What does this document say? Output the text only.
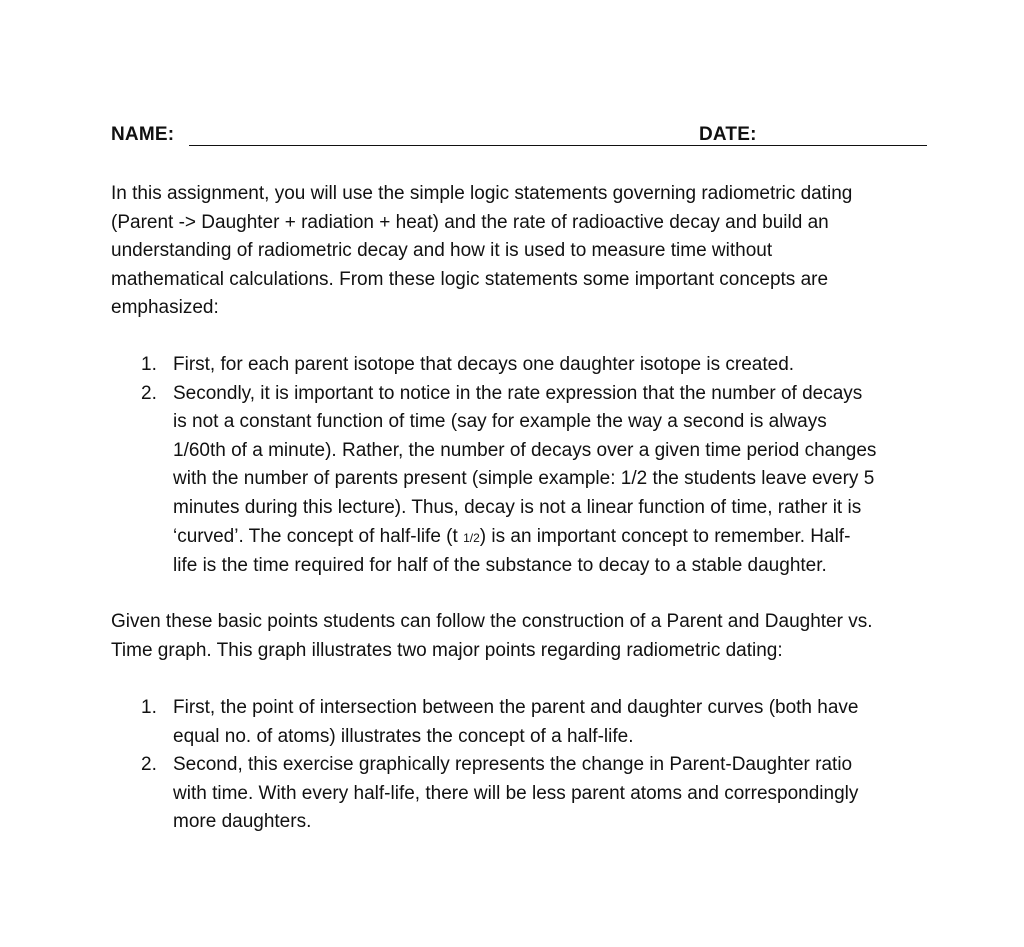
NAME:	DATE:

In this assignment, you will use the simple logic statements governing radiometric dating
(Parent -> Daughter + radiation + heat) and the rate of radioactive decay and build an
understanding of radiometric decay and how it is used to measure time without
mathematical calculations. From these logic statements some important concepts are
emphasized:

1. First, for each parent isotope that decays one daughter isotope is created.
2. Secondly, it is important to notice in the rate expression that the number of decays
is not a constant function of time (say for example the way a second is always
1/60th of a minute). Rather, the number of decays over a given time period changes
with the number of parents present (simple example: 1/2 the students leave every 5
minutes during this lecture). Thus, decay is not a linear function of time, rather it is
‘curved’. The concept of half-life (t 1/2) is an important concept to remember. Half-
life is the time required for half of the substance to decay to a stable daughter.

Given these basic points students can follow the construction of a Parent and Daughter vs.
Time graph. This graph illustrates two major points regarding radiometric dating:

1. First, the point of intersection between the parent and daughter curves (both have
equal no. of atoms) illustrates the concept of a half-life.
2. Second, this exercise graphically represents the change in Parent-Daughter ratio
with time. With every half-life, there will be less parent atoms and correspondingly
more daughters.
